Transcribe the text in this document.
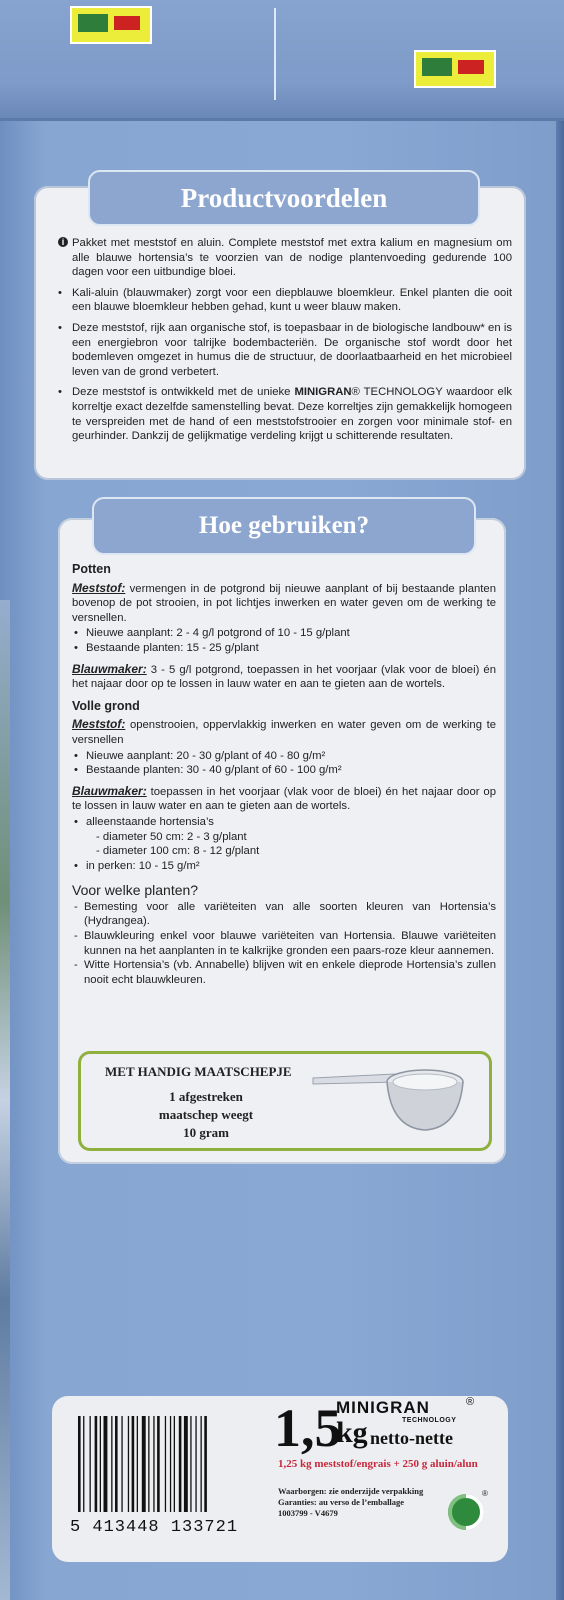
Productvoordelen
i Pakket met meststof en aluin. Complete meststof met extra kalium en magnesium om alle blauwe hortensia’s te voorzien van de nodige plantenvoeding gedurende 100 dagen voor een uitbundige bloei.
• Kali-aluin (blauwmaker) zorgt voor een diepblauwe bloemkleur. Enkel planten die ooit een blauwe bloemkleur hebben gehad, kunt u weer blauw maken.
• Deze meststof, rijk aan organische stof, is toepasbaar in de biologische landbouw* en is een energiebron voor talrijke bodembacteriën. De organische stof wordt door het bodemleven omgezet in humus die de structuur, de doorlaatbaarheid en het microbieel leven van de grond verbetert.
• Deze meststof is ontwikkeld met de unieke MINIGRAN® TECHNOLOGY waardoor elk korreltje exact dezelfde samenstelling bevat. Deze korreltjes zijn gemakkelijk homogeen te verspreiden met de hand of een meststofstrooier en zorgen voor minimale stof- en geurhinder. Dankzij de gelijkmatige verdeling krijgt u schitterende resultaten.
Hoe gebruiken?
Potten
Meststof: vermengen in de potgrond bij nieuwe aanplant of bij bestaande planten bovenop de pot strooien, in pot lichtjes inwerken en water geven om de werking te versnellen.
• Nieuwe aanplant: 2 - 4 g/l potgrond of 10 - 15 g/plant
• Bestaande planten: 15 - 25 g/plant
Blauwmaker: 3 - 5 g/l potgrond, toepassen in het voorjaar (vlak voor de bloei) én het najaar door op te lossen in lauw water en aan te gieten aan de wortels.
Volle grond
Meststof: openstrooien, oppervlakkig inwerken en water geven om de werking te versnellen
• Nieuwe aanplant: 20 - 30 g/plant of 40 - 80 g/m²
• Bestaande planten: 30 - 40 g/plant of 60 - 100 g/m²
Blauwmaker: toepassen in het voorjaar (vlak voor de bloei) én het najaar door op te lossen in lauw water en aan te gieten aan de wortels.
• alleenstaande hortensia’s
- diameter 50 cm: 2 - 3 g/plant
- diameter 100 cm: 8 - 12 g/plant
• in perken: 10 - 15 g/m²
Voor welke planten?
- Bemesting voor alle variëteiten van alle soorten kleuren van Hortensia’s (Hydrangea).
- Blauwkleuring enkel voor blauwe variëteiten van Hortensia. Blauwe variëteiten kunnen na het aanplanten in te kalkrijke gronden een paars-roze kleur aannemen.
- Witte Hortensia’s (vb. Annabelle) blijven wit en enkele dieprode Hortensia’s zullen nooit echt blauwkleuren.
MET HANDIG MAATSCHEPJE
1 afgestreken
maatschep weegt
10 gram
5 413448 133721
1,5
MINIGRAN	®
TECHNOLOGY
kg netto-nette
1,25 kg meststof/engrais + 250 g aluin/alun
Waarborgen: zie onderzijde verpakking
Garanties: au verso de l’emballage
1003799 - V4679
®
